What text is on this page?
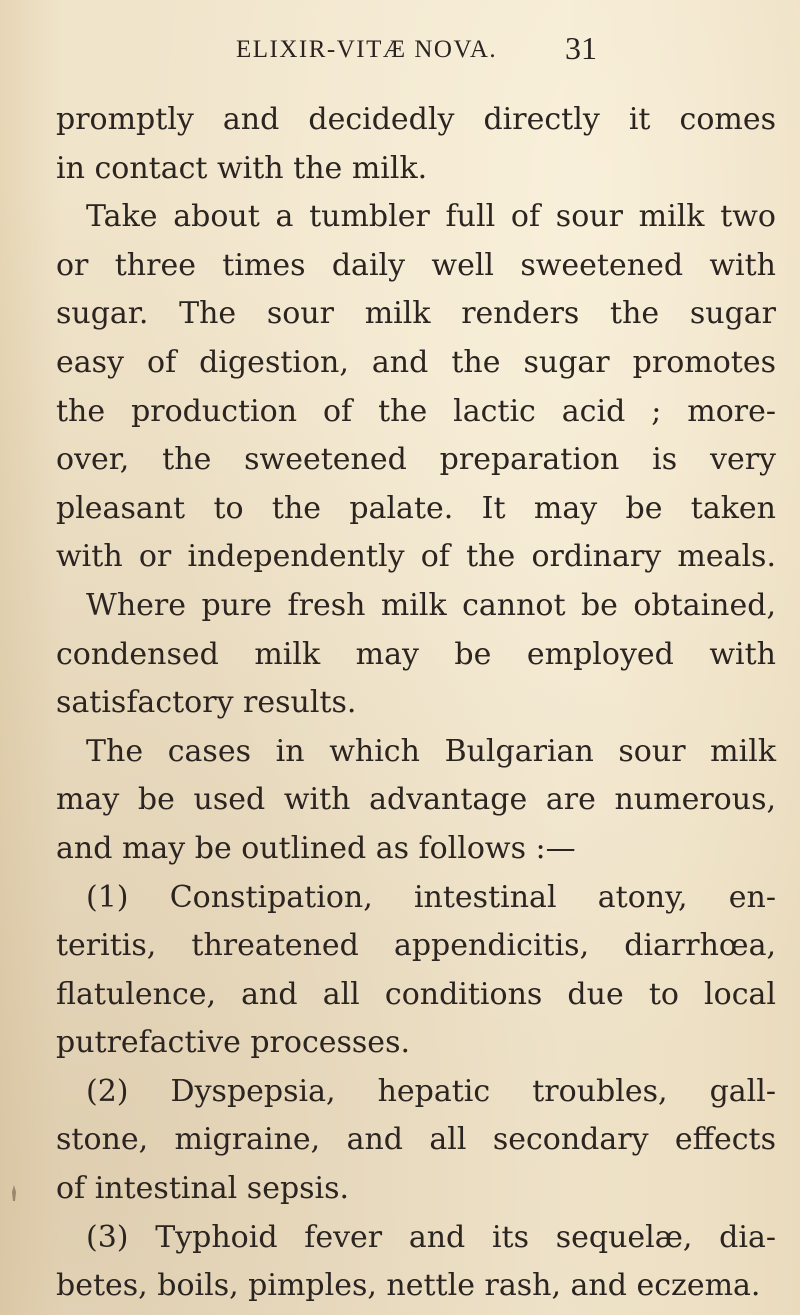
ELIXIR-VITÆ NOVA. 31
promptly and decidedly directly it comes
in contact with the milk.
Take about a tumbler full of sour milk two
or three times daily well sweetened with
sugar. The sour milk renders the sugar
easy of digestion, and the sugar promotes
the production of the lactic acid ; more-
over, the sweetened preparation is very
pleasant to the palate. It may be taken
with or independently of the ordinary meals.
Where pure fresh milk cannot be obtained,
condensed milk may be employed with
satisfactory results.
The cases in which Bulgarian sour milk
may be used with advantage are numerous,
and may be outlined as follows :—
(1) Constipation, intestinal atony, en-
teritis, threatened appendicitis, diarrhœa,
flatulence, and all conditions due to local
putrefactive processes.
(2) Dyspepsia, hepatic troubles, gall-
stone, migraine, and all secondary effects
of intestinal sepsis.
(3) Typhoid fever and its sequelæ, dia-
betes, boils, pimples, nettle rash, and eczema.
